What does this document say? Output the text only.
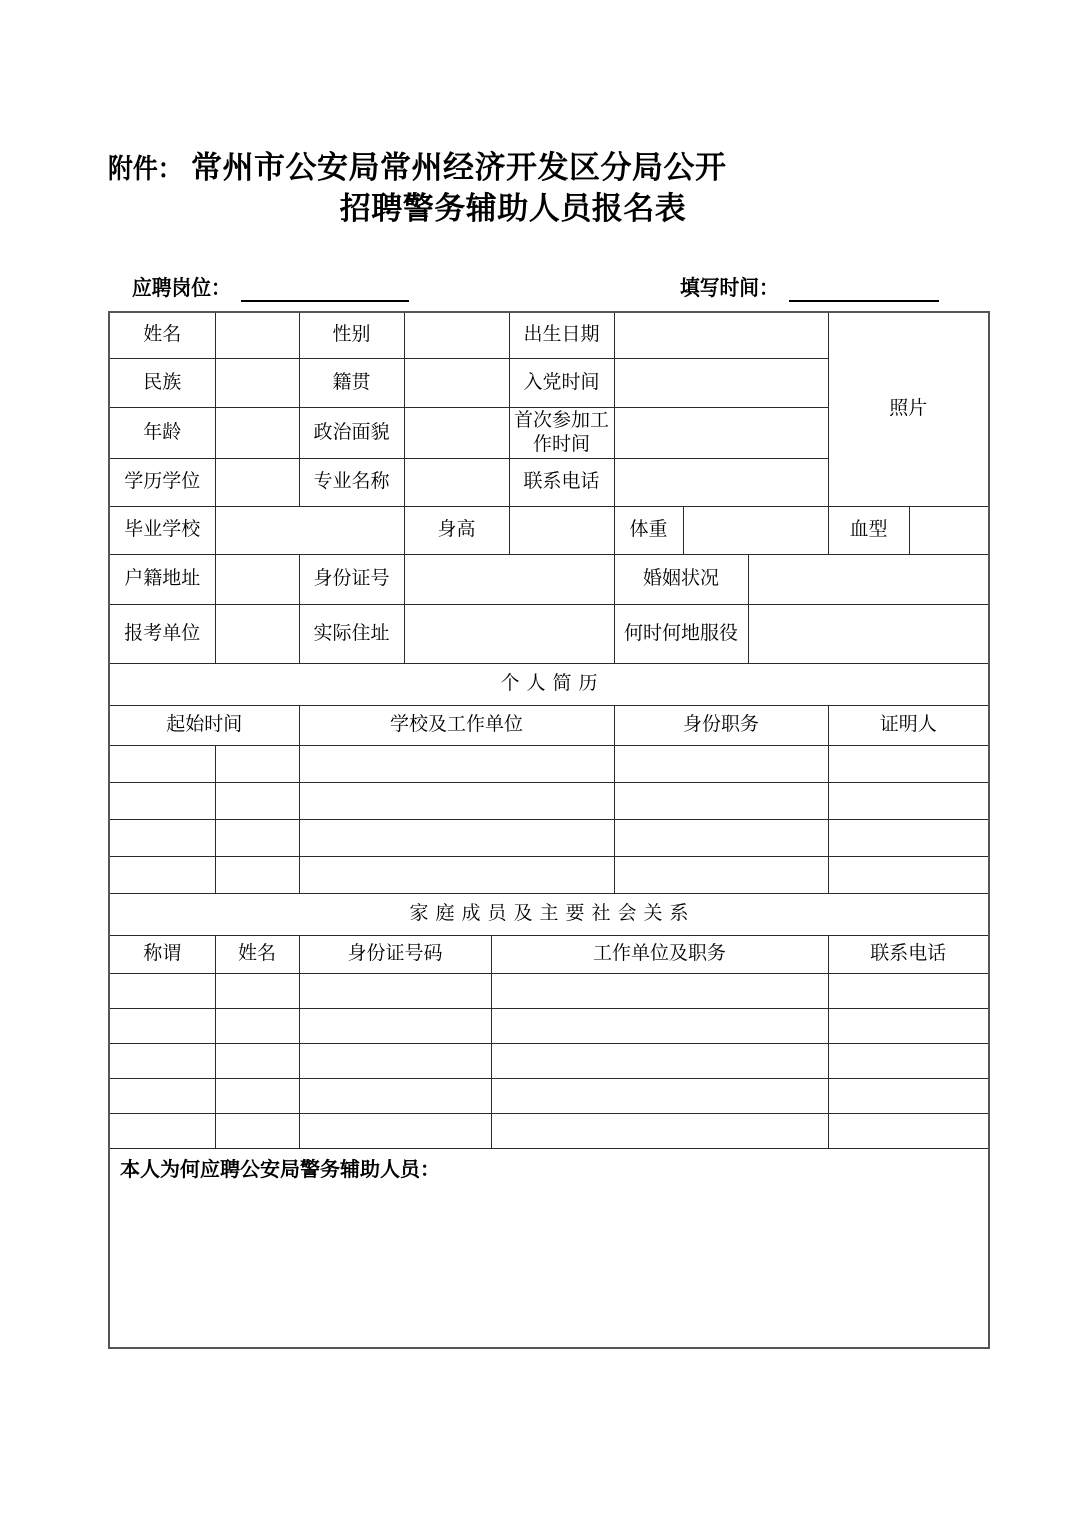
附件： 常州市公安局常州经济开发区分局公开
招聘警务辅助人员报名表
应聘岗位：	填写时间：
姓名		性别			出生日期				照片	
民族		籍贯			入党时间					
年龄		政治面貌			首次参加工作时间					
学历学位		专业名称			联系电话					
毕业学校			身高			体重			血型	
户籍地址		身份证号				婚姻状况				
报考单位		实际住址				何时何地服役				
个人简历										
起始时间		学校及工作单位				身份职务			证明人	

家庭成员及主要社会关系										
称谓	姓名	身份证号码		工作单位及职务					联系电话	

本人为何应聘公安局警务辅助人员：										
